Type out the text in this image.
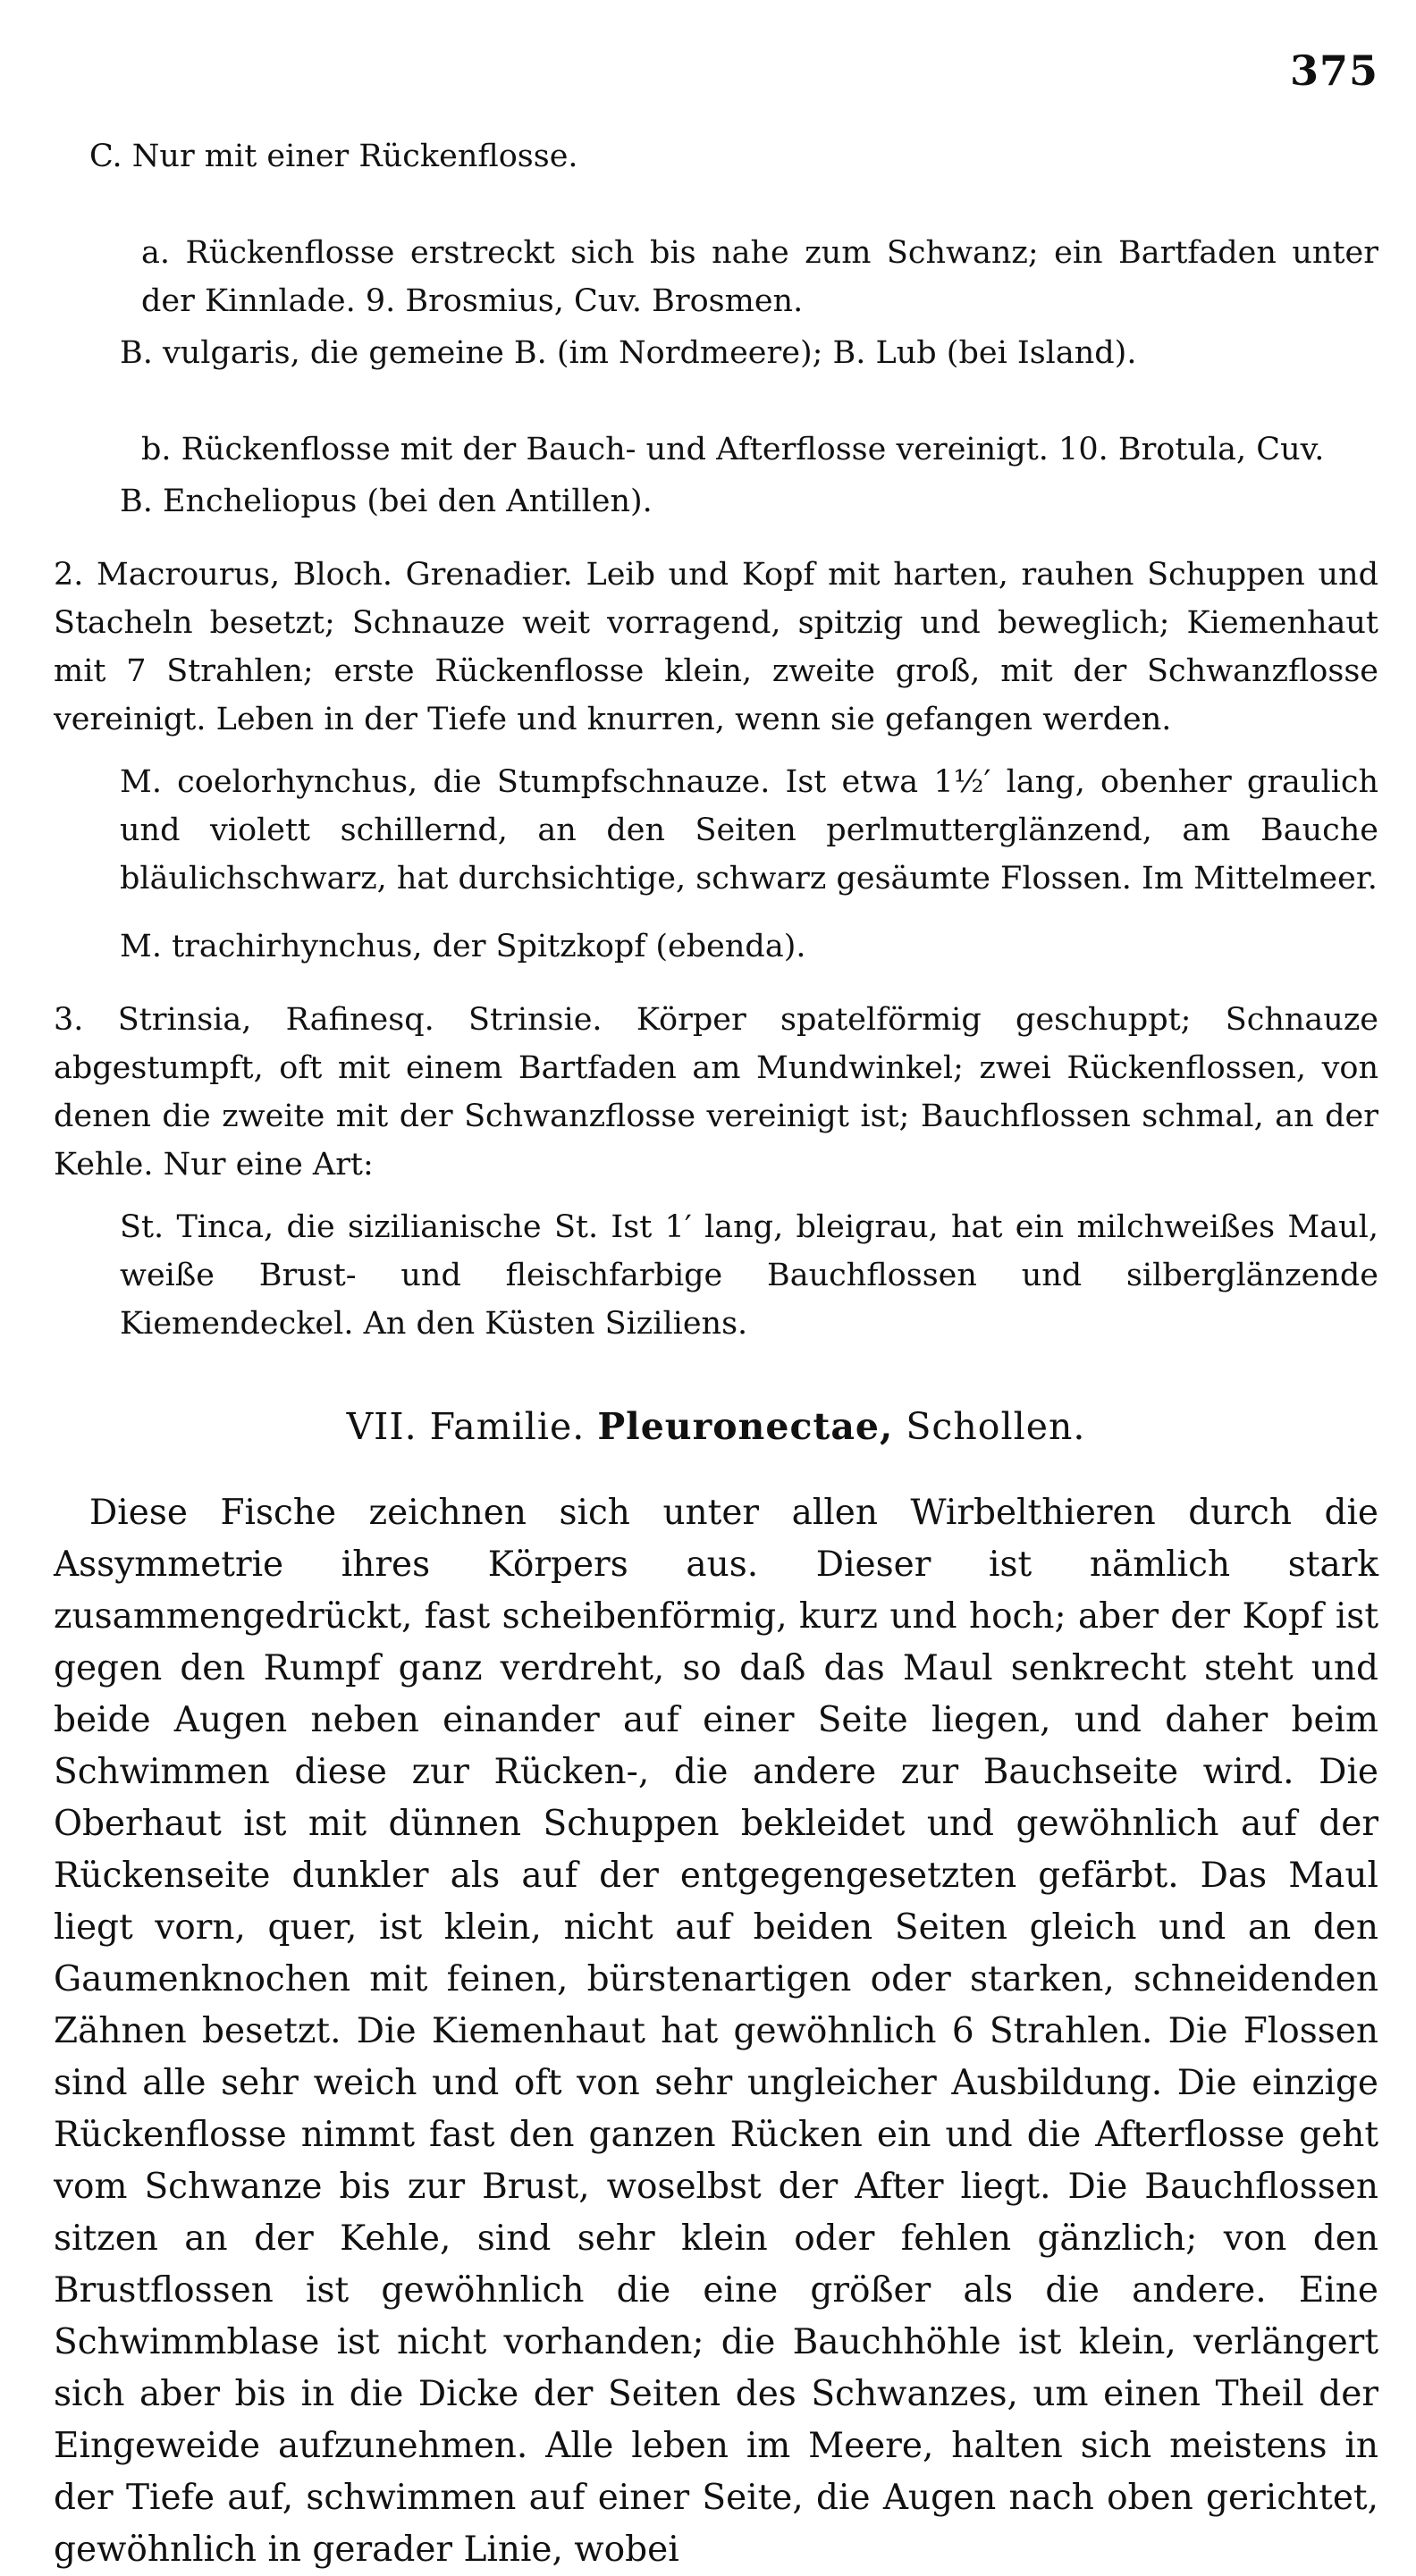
375

C. Nur mit einer Rückenflosse.

a. Rückenflosse erstreckt sich bis nahe zum Schwanz; ein Bartfaden unter der Kinnlade. 9. Brosmius, Cuv. Brosmen.

B. vulgaris, die gemeine B. (im Nordmeere); B. Lub (bei Island).

b. Rückenflosse mit der Bauch- und Afterflosse vereinigt. 10. Brotula, Cuv.

B. Encheliopus (bei den Antillen).

2. Macrourus, Bloch. Grenadier. Leib und Kopf mit harten, rauhen Schuppen und Stacheln besetzt; Schnauze weit vorragend, spitzig und beweglich; Kiemenhaut mit 7 Strahlen; erste Rückenflosse klein, zweite groß, mit der Schwanzflosse vereinigt. Leben in der Tiefe und knurren, wenn sie gefangen werden.

M. coelorhynchus, die Stumpfschnauze. Ist etwa 1½′ lang, obenher graulich und violett schillernd, an den Seiten perlmutterglänzend, am Bauche bläulichschwarz, hat durchsichtige, schwarz gesäumte Flossen. Im Mittelmeer.

M. trachirhynchus, der Spitzkopf (ebenda).

3. Strinsia, Rafinesq. Strinsie. Körper spatelförmig geschuppt; Schnauze abgestumpft, oft mit einem Bartfaden am Mundwinkel; zwei Rückenflossen, von denen die zweite mit der Schwanzflosse vereinigt ist; Bauchflossen schmal, an der Kehle. Nur eine Art:

St. Tinca, die sizilianische St. Ist 1′ lang, bleigrau, hat ein milchweißes Maul, weiße Brust- und fleischfarbige Bauchflossen und silberglänzende Kiemendeckel. An den Küsten Siziliens.

VII. Familie. Pleuronectae, Schollen.

Diese Fische zeichnen sich unter allen Wirbelthieren durch die Assymmetrie ihres Körpers aus. Dieser ist nämlich stark zusammengedrückt, fast scheibenförmig, kurz und hoch; aber der Kopf ist gegen den Rumpf ganz verdreht, so daß das Maul senkrecht steht und beide Augen neben einander auf einer Seite liegen, und daher beim Schwimmen diese zur Rücken-, die andere zur Bauchseite wird. Die Oberhaut ist mit dünnen Schuppen bekleidet und gewöhnlich auf der Rückenseite dunkler als auf der entgegengesetzten gefärbt. Das Maul liegt vorn, quer, ist klein, nicht auf beiden Seiten gleich und an den Gaumenknochen mit feinen, bürstenartigen oder starken, schneidenden Zähnen besetzt. Die Kiemenhaut hat gewöhnlich 6 Strahlen. Die Flossen sind alle sehr weich und oft von sehr ungleicher Ausbildung. Die einzige Rückenflosse nimmt fast den ganzen Rücken ein und die Afterflosse geht vom Schwanze bis zur Brust, woselbst der After liegt. Die Bauchflossen sitzen an der Kehle, sind sehr klein oder fehlen gänzlich; von den Brustflossen ist gewöhnlich die eine größer als die andere. Eine Schwimmblase ist nicht vorhanden; die Bauchhöhle ist klein, verlängert sich aber bis in die Dicke der Seiten des Schwanzes, um einen Theil der Eingeweide aufzunehmen. Alle leben im Meere, halten sich meistens in der Tiefe auf, schwimmen auf einer Seite, die Augen nach oben gerichtet, gewöhnlich in gerader Linie, wobei
